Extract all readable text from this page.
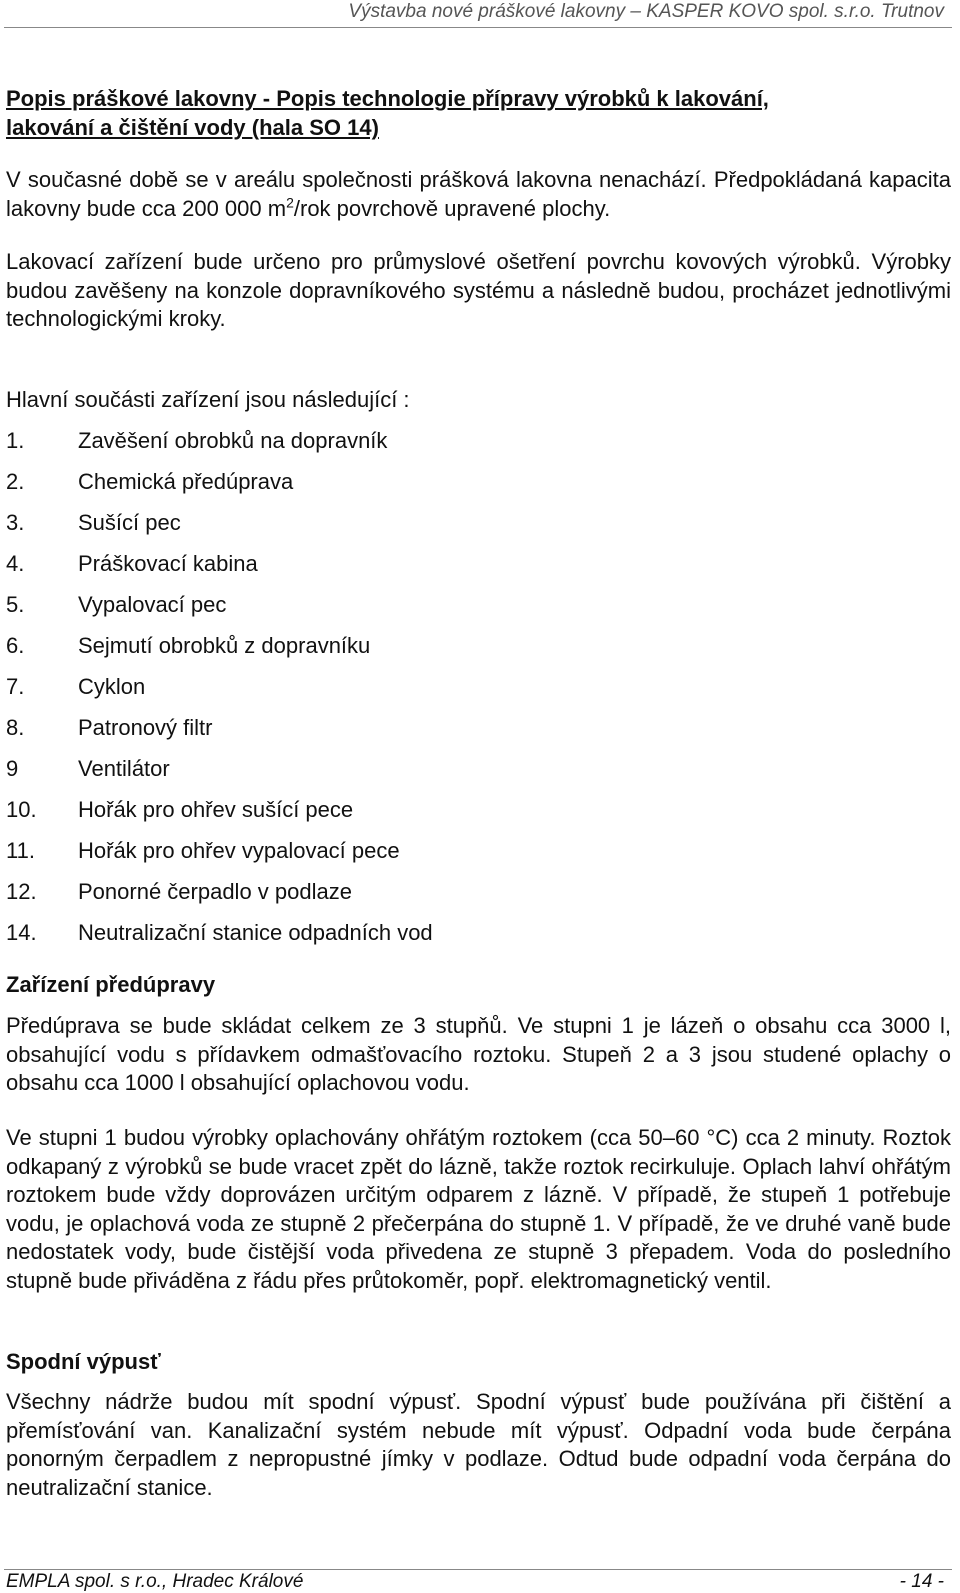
Výstavba nové práškové lakovny – KASPER KOVO spol. s.r.o. Trutnov
Popis práškové lakovny - Popis technologie přípravy výrobků k lakování,
lakování a čištění vody (hala SO 14)

V současné době se v areálu společnosti prášková lakovna nenachází. Předpokládaná kapacita lakovny bude cca 200 000 $m^2$/rok povrchově upravené plochy.

Lakovací zařízení bude určeno pro průmyslové ošetření povrchu kovových výrobků. Výrobky budou zavěšeny na konzole dopravníkového systému a následně budou, procházet jednotlivými technologickými kroky.

Hlavní součásti zařízení jsou následující :

1. Zavěšení obrobků na dopravník
2. Chemická předúprava
3. Sušící pec
4. Práškovací kabina
5. Vypalovací pec
6. Sejmutí obrobků z dopravníku
7. Cyklon
8. Patronový filtr
9	Ventilátor
10. Hořák pro ohřev sušící pece
11. Hořák pro ohřev vypalovací pece
12. Ponorné čerpadlo v podlaze
14. Neutralizační stanice odpadních vod
Zařízení předúpravy

Předúprava se bude skládat celkem ze 3 stupňů. Ve stupni 1 je lázeň o obsahu cca 3000 l, obsahující vodu s přídavkem odmašťovacího roztoku. Stupeň 2 a 3 jsou studené oplachy o obsahu cca 1000 l obsahující oplachovou vodu.

Ve stupni 1 budou výrobky oplachovány ohřátým roztokem (cca 50–60 °C) cca 2 minuty. Roztok odkapaný z výrobků se bude vracet zpět do lázně, takže roztok recirkuluje. Oplach lahví ohřátým roztokem bude vždy doprovázen určitým odparem z lázně. V případě, že stupeň 1 potřebuje vodu, je oplachová voda ze stupně 2 přečerpána do stupně 1. V případě, že ve druhé vaně bude nedostatek vody, bude čistější voda přivedena ze stupně 3 přepadem. Voda do posledního stupně bude přiváděna z řádu přes průtokoměr, popř. elektromagnetický ventil.

Spodní výpusť

Všechny nádrže budou mít spodní výpusť. Spodní výpusť bude používána při čištění a přemísťování van. Kanalizační systém nebude mít výpusť. Odpadní voda bude čerpána ponorným čerpadlem z nepropustné jímky v podlaze. Odtud bude odpadní voda čerpána do neutralizační stanice.

EMPLA spol. s r.o., Hradec Králové	- 14 -
